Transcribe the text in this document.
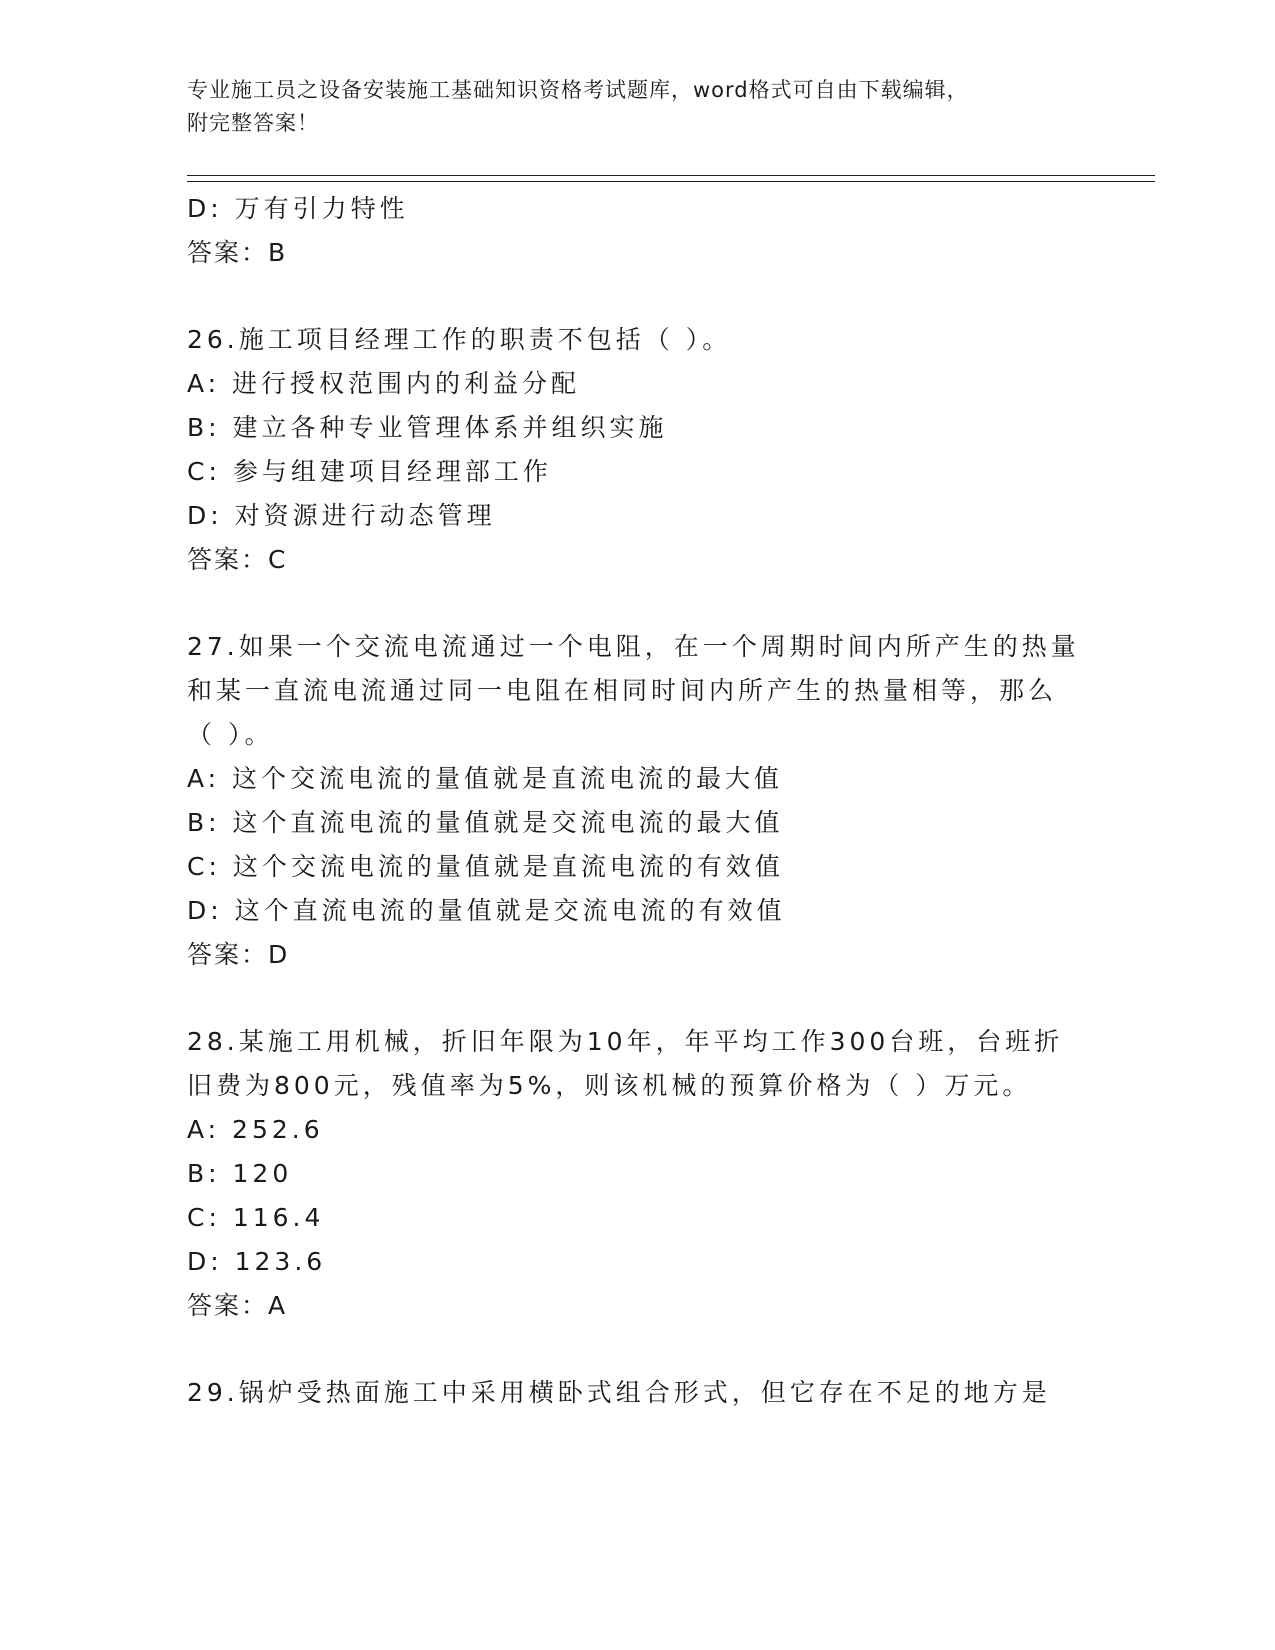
专业施工员之设备安装施工基础知识资格考试题库，word格式可自由下载编辑，
附完整答案！
D: 万有引力特性
答案：B
26.施工项目经理工作的职责不包括（ ）。
A: 进行授权范围内的利益分配
B: 建立各种专业管理体系并组织实施
C: 参与组建项目经理部工作
D: 对资源进行动态管理
答案：C
27.如果一个交流电流通过一个电阻，在一个周期时间内所产生的热量
和某一直流电流通过同一电阻在相同时间内所产生的热量相等，那么
（ ）。
A: 这个交流电流的量值就是直流电流的最大值
B: 这个直流电流的量值就是交流电流的最大值
C: 这个交流电流的量值就是直流电流的有效值
D: 这个直流电流的量值就是交流电流的有效值
答案：D
28.某施工用机械，折旧年限为10年，年平均工作300台班，台班折
旧费为800元，残值率为5%，则该机械的预算价格为（ ）万元。
A: 252.6
B: 120
C: 116.4
D: 123.6
答案：A
29.锅炉受热面施工中采用横卧式组合形式，但它存在不足的地方是
